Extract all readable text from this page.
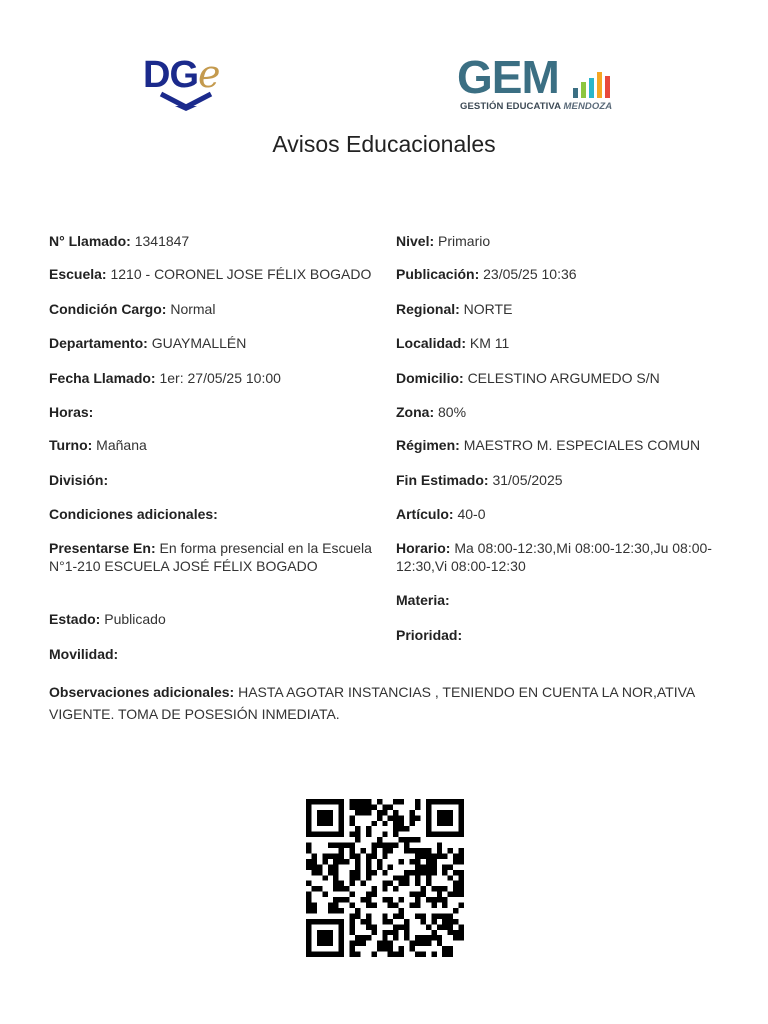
DGe	GEM
GESTIÓN EDUCATIVA MENDOZA
Avisos Educacionales
N° Llamado: 1341847
Escuela: 1210 - CORONEL JOSE FÉLIX BOGADO
Condición Cargo: Normal
Departamento: GUAYMALLÉN
Fecha Llamado: 1er: 27/05/25 10:00
Horas:
Turno: Mañana
División:
Condiciones adicionales:
Presentarse En: En forma presencial en la Escuela N°1-210 ESCUELA JOSÉ FÉLIX BOGADO
Estado: Publicado
Movilidad:
Nivel: Primario
Publicación: 23/05/25 10:36
Regional: NORTE
Localidad: KM 11
Domicilio: CELESTINO ARGUMEDO S/N
Zona: 80%
Régimen: MAESTRO M. ESPECIALES COMUN
Fin Estimado: 31/05/2025
Artículo: 40-0
Horario: Ma 08:00-12:30,Mi 08:00-12:30,Ju 08:00-12:30,Vi 08:00-12:30
Materia:
Prioridad:
Observaciones adicionales: HASTA AGOTAR INSTANCIAS , TENIENDO EN CUENTA LA NOR,ATIVA VIGENTE. TOMA DE POSESIÓN INMEDIATA.
